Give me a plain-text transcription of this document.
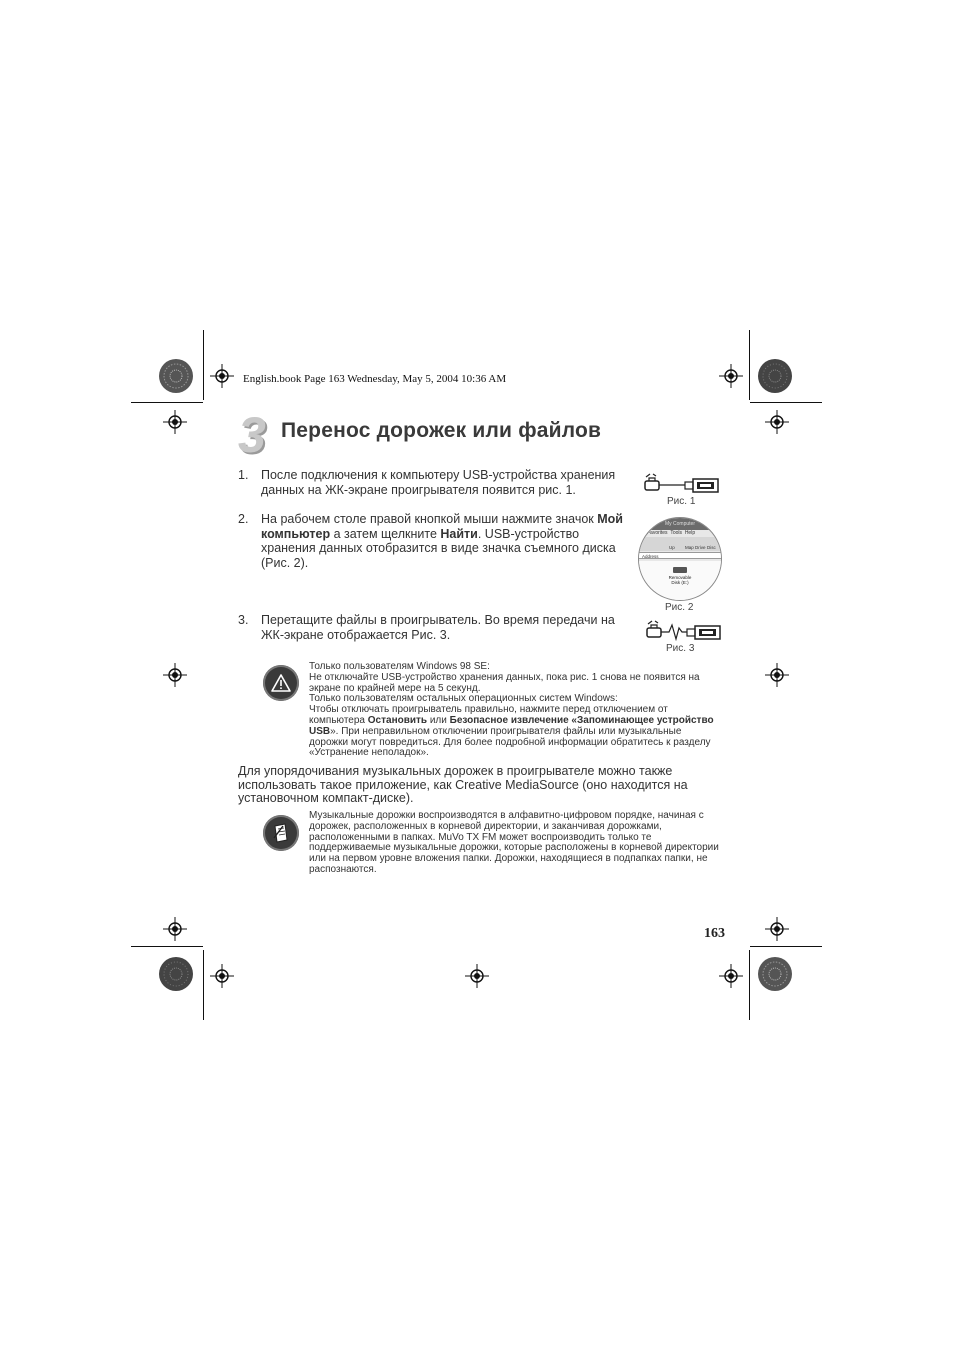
English.book Page 163 Wednesday, May 5, 2004 10:36 AM
3 Перенос дорожек или файлов
1. После подключения к компьютеру USB-устройства хранения данных на ЖК-экране проигрывателя появится рис. 1.
2. На рабочем столе правой кнопкой мыши нажмите значок Мой компьютер а затем щелкните Найти. USB-устройство хранения данных отобразится в виде значка съемного диска (Рис. 2).
3. Перетащите файлы в проигрыватель. Во время передачи на ЖК-экране отображается Рис. 3.
Рис. 1
My Computer
Favorites Tools Help
Up Map Drive Disc
Address
Removable
Disk (E:)
Рис. 2
Рис. 3
Только пользователям Windows 98 SE:
Не отключайте USB-устройство хранения данных, пока рис. 1 снова не появится на экране по крайней мере на 5 секунд.
Только пользователям остальных операционных систем Windows:
Чтобы отключать проигрыватель правильно, нажмите перед отключением от компьютера Остановить или Безопасное извлечение «Запоминающее устройство USB». При неправильном отключении проигрывателя файлы или музыкальные дорожки могут повредиться. Для более подробной информации обратитесь к разделу «Устранение неполадок».
Для упорядочивания музыкальных дорожек в проигрывателе можно также использовать такое приложение, как Creative MediaSource (оно находится на установочном компакт-диске).
Музыкальные дорожки воспроизводятся в алфавитно-цифровом порядке, начиная с дорожек, расположенных в корневой директории, и заканчивая дорожками, расположенными в папках. MuVo TX FM может воспроизводить только те поддерживаемые музыкальные дорожки, которые расположены в корневой директории или на первом уровне вложения папки. Дорожки, находящиеся в подпапках папки, не распознаются.
163
